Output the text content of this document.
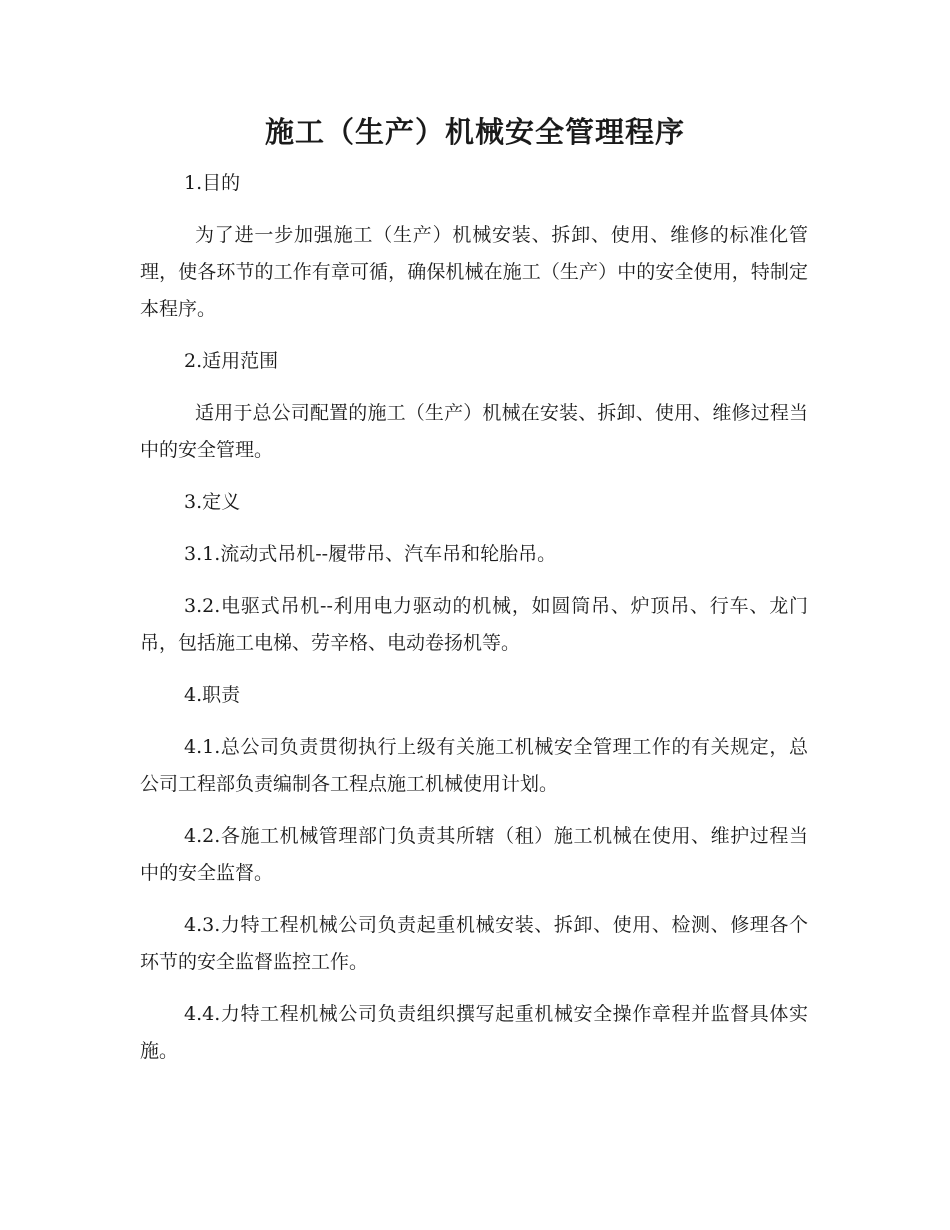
施工（生产）机械安全管理程序
1.目的
为了进一步加强施工（生产）机械安装、拆卸、使用、维修的标准化管理，使各环节的工作有章可循，确保机械在施工（生产）中的安全使用，特制定本程序。
2.适用范围
适用于总公司配置的施工（生产）机械在安装、拆卸、使用、维修过程当中的安全管理。
3.定义
3.1.流动式吊机--履带吊、汽车吊和轮胎吊。
3.2.电驱式吊机--利用电力驱动的机械，如圆筒吊、炉顶吊、行车、龙门吊，包括施工电梯、劳辛格、电动卷扬机等。
4.职责
4.1.总公司负责贯彻执行上级有关施工机械安全管理工作的有关规定，总公司工程部负责编制各工程点施工机械使用计划。
4.2.各施工机械管理部门负责其所辖（租）施工机械在使用、维护过程当中的安全监督。
4.3.力特工程机械公司负责起重机械安装、拆卸、使用、检测、修理各个环节的安全监督监控工作。
4.4.力特工程机械公司负责组织撰写起重机械安全操作章程并监督具体实施。
